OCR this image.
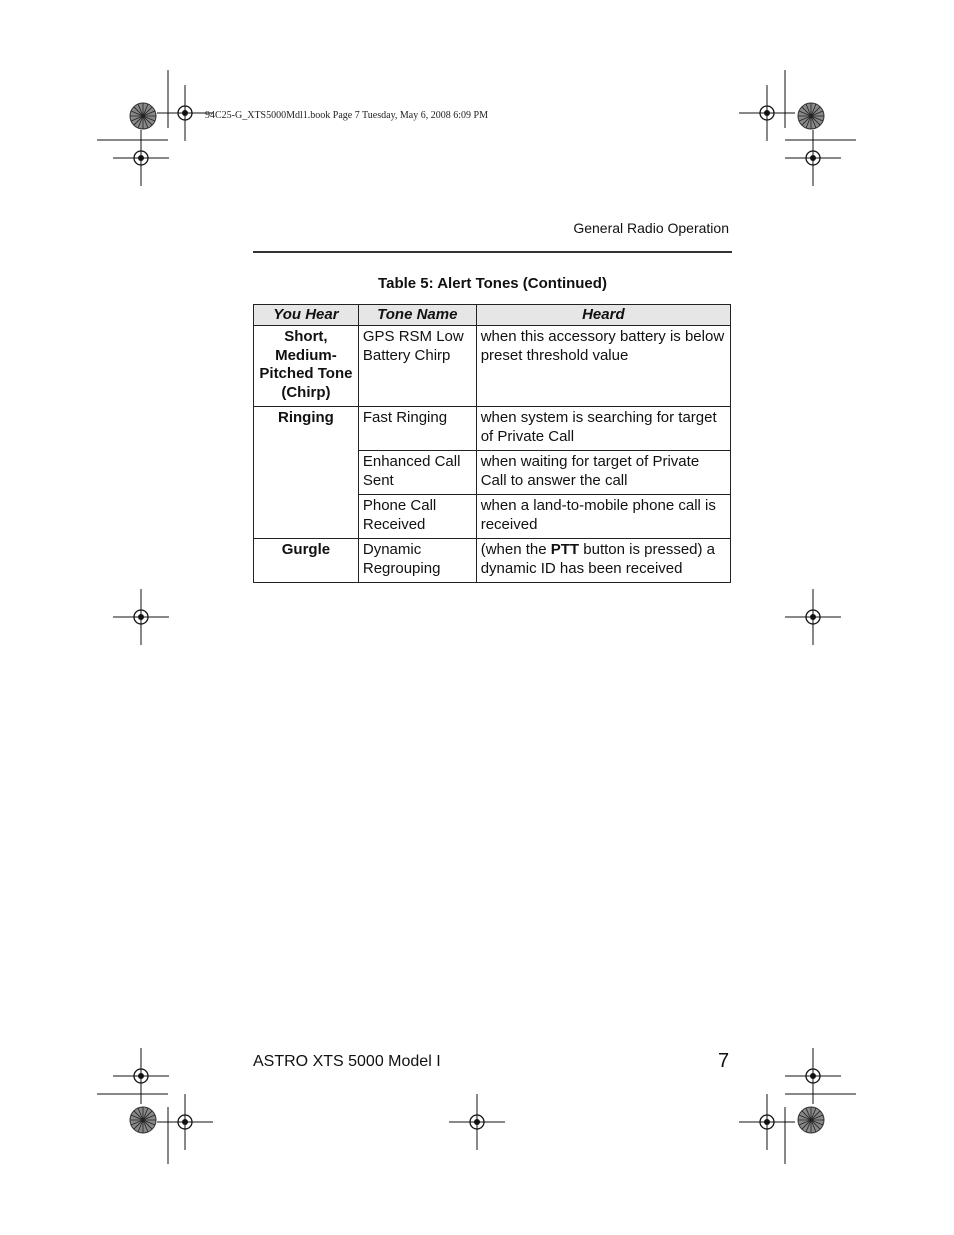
94C25-G_XTS5000Mdl1.book Page 7 Tuesday, May 6, 2008 6:09 PM
General Radio Operation
Table 5: Alert Tones (Continued)
You Hear	Tone Name	Heard
Short, Medium-Pitched Tone (Chirp)	GPS RSM Low Battery Chirp	when this accessory battery is below preset threshold value
Ringing	Fast Ringing	when system is searching for target of Private Call
	Enhanced Call Sent	when waiting for target of Private Call to answer the call
	Phone Call Received	when a land-to-mobile phone call is received
Gurgle	Dynamic Regrouping	(when the PTT button is pressed) a dynamic ID has been received
ASTRO XTS 5000 Model I	7
